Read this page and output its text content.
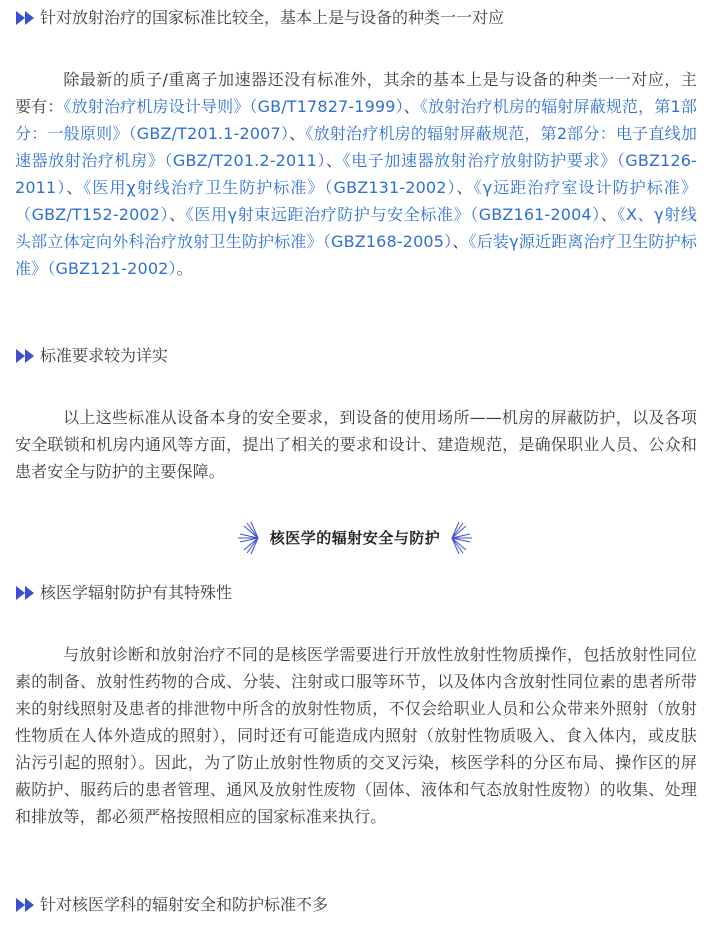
针对放射治疗的国家标准比较全，基本上是与设备的种类一一对应

除最新的质子/重离子加速器还没有标准外，其余的基本上是与设备的种类一一对应，主要有：《放射治疗机房设计导则》（GB/T17827-1999）、《放射治疗机房的辐射屏蔽规范，第1部分：一般原则》（GBZ/T201.1-2007）、《放射治疗机房的辐射屏蔽规范，第2部分：电子直线加速器放射治疗机房》（GBZ/T201.2-2011）、《电子加速器放射治疗放射防护要求》（GBZ126-2011）、《医用χ射线治疗卫生防护标准》（GBZ131-2002）、《γ远距治疗室设计防护标准》（GBZ/T152-2002）、《医用γ射束远距治疗防护与安全标准》（GBZ161-2004）、《X、γ射线头部立体定向外科治疗放射卫生防护标准》（GBZ168-2005）、《后装γ源近距离治疗卫生防护标准》（GBZ121-2002）。

标准要求较为详实

以上这些标准从设备本身的安全要求，到设备的使用场所——机房的屏蔽防护，以及各项安全联锁和机房内通风等方面，提出了相关的要求和设计、建造规范，是确保职业人员、公众和患者安全与防护的主要保障。

核医学的辐射安全与防护
核医学辐射防护有其特殊性

与放射诊断和放射治疗不同的是核医学需要进行开放性放射性物质操作，包括放射性同位素的制备、放射性药物的合成、分装、注射或口服等环节，以及体内含放射性同位素的患者所带来的射线照射及患者的排泄物中所含的放射性物质，不仅会给职业人员和公众带来外照射（放射性物质在人体外造成的照射），同时还有可能造成内照射（放射性物质吸入、食入体内，或皮肤沾污引起的照射）。因此，为了防止放射性物质的交叉污染，核医学科的分区布局、操作区的屏蔽防护、服药后的患者管理、通风及放射性废物（固体、液体和气态放射性废物）的收集、处理和排放等，都必须严格按照相应的国家标准来执行。

针对核医学科的辐射安全和防护标准不多
